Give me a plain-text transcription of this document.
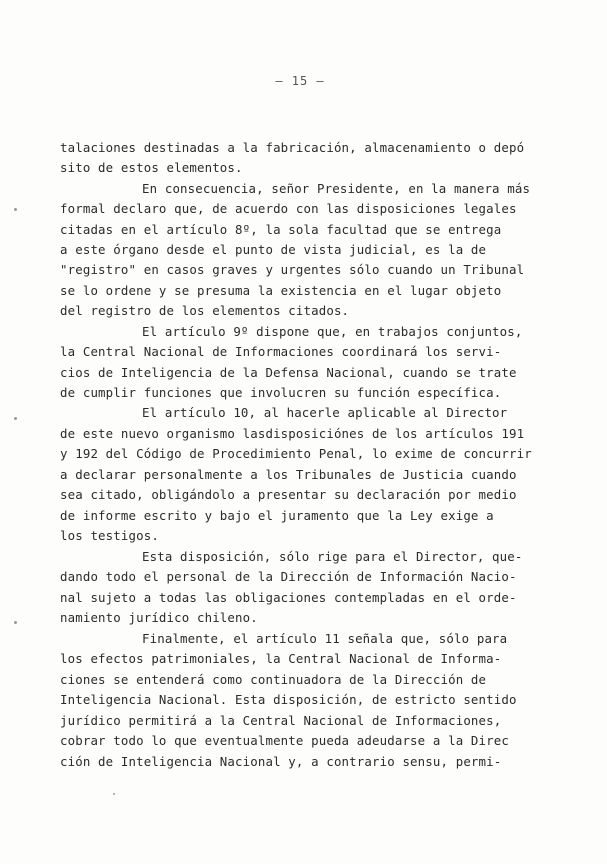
— 15 —
talaciones destinadas a la fabricación, almacenamiento o depó
sito de estos elementos.
En consecuencia, señor Presidente, en la manera más
formal declaro que, de acuerdo con las disposiciones legales
citadas en el artículo 8º, la sola facultad que se entrega
a este órgano desde el punto de vista judicial, es la de
"registro" en casos graves y urgentes sólo cuando un Tribunal
se lo ordene y se presuma la existencia en el lugar objeto
del registro de los elementos citados.
El artículo 9º dispone que, en trabajos conjuntos,
la Central Nacional de Informaciones coordinará los servi-
cios de Inteligencia de la Defensa Nacional, cuando se trate
de cumplir funciones que involucren su función específica.
El artículo 10, al hacerle aplicable al Director
de este nuevo organismo lasdisposiciónes de los artículos 191
y 192 del Código de Procedimiento Penal, lo exime de concurrir
a declarar personalmente a los Tribunales de Justicia cuando
sea citado, obligándolo a presentar su declaración por medio
de informe escrito y bajo el juramento que la Ley exige a
los testigos.
Esta disposición, sólo rige para el Director, que-
dando todo el personal de la Dirección de Información Nacio-
nal sujeto a todas las obligaciones contempladas en el orde-
namiento jurídico chileno.
Finalmente, el artículo 11 señala que, sólo para
los efectos patrimoniales, la Central Nacional de Informa-
ciones se entenderá como continuadora de la Dirección de
Inteligencia Nacional. Esta disposición, de estricto sentido
jurídico permitirá a la Central Nacional de Informaciones,
cobrar todo lo que eventualmente pueda adeudarse a la Direc
ción de Inteligencia Nacional y, a contrario sensu, permi-
